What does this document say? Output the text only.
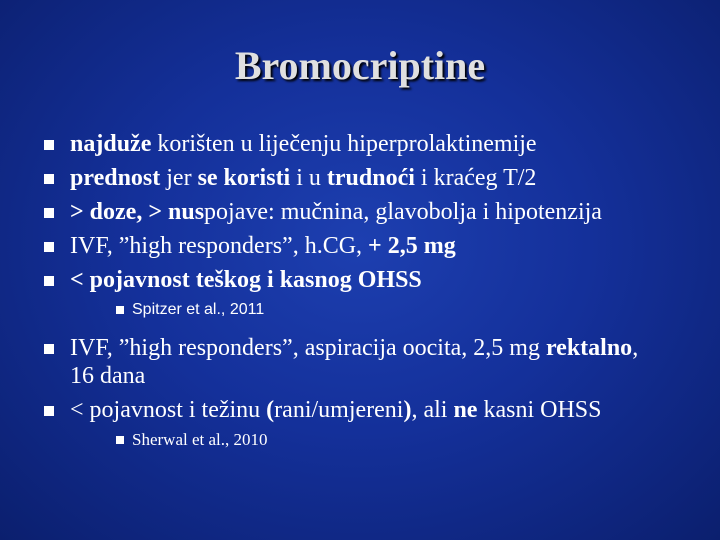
Bromocriptine
najduže korišten u liječenju hiperprolaktinemije
prednost jer se koristi i u trudnoći i kraćeg T/2
> doze, > nuspojave: mučnina, glavobolja i hipotenzija
IVF, ”high responders”, h.CG, + 2,5 mg
< pojavnost teškog i kasnog OHSS
Spitzer et al., 2011
IVF, ”high responders”, aspiracija oocita, 2,5 mg rektalno, 16 dana
< pojavnost i težinu (rani/umjereni), ali ne kasni OHSS
Sherwal et al., 2010
